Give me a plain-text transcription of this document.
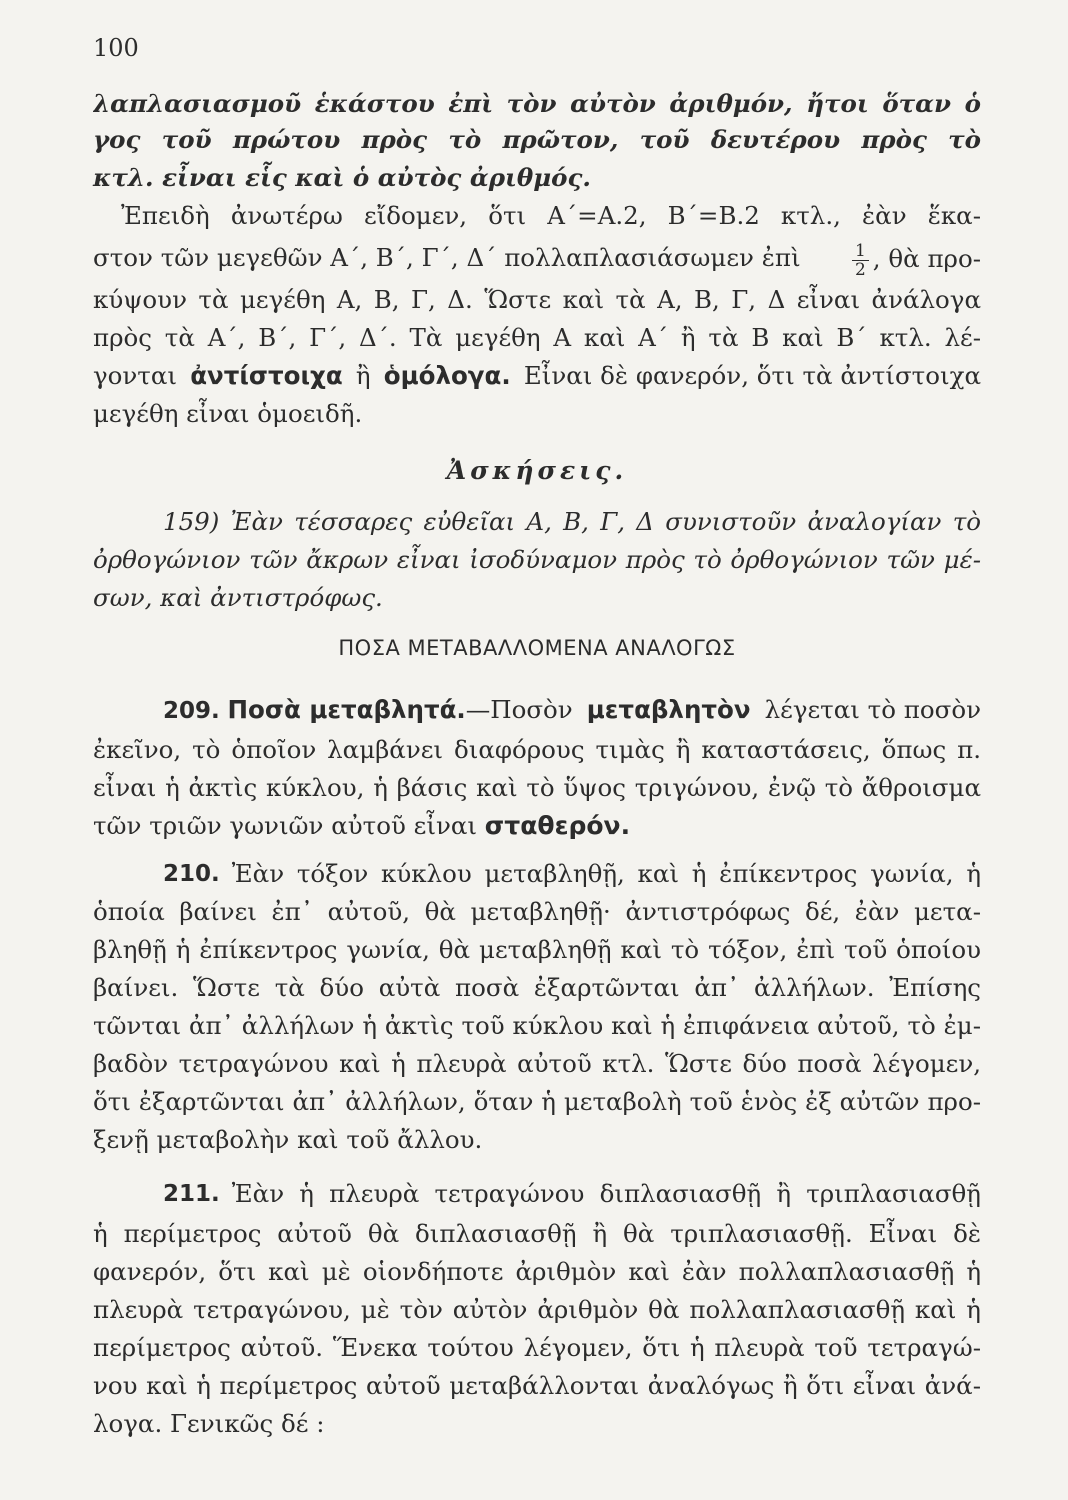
100
λαπλασιασμοῦ ἑκάστου ἐπὶ τὸν αὐτὸν ἀριθμόν, ἤτοι ὅταν ὁ
γος τοῦ πρώτου πρὸς τὸ πρῶτον, τοῦ δευτέρου πρὸς τὸ
κτλ. εἶναι εἷς καὶ ὁ αὐτὸς ἀριθμός.
Ἐπειδὴ ἀνωτέρω εἴδομεν, ὅτι Α΄=Α.2, Β΄=Β.2 κτλ., ἐὰν ἕκα-
στον τῶν μεγεθῶν Α΄, Β΄, Γ΄, Δ΄ πολλαπλασιάσωμεν ἐπὶ	$\frac{1}{2}$ , θὰ προ-
κύψουν τὰ μεγέθη Α, Β, Γ, Δ. Ὥστε καὶ τὰ Α, Β, Γ, Δ εἶναι ἀνάλογα
πρὸς τὰ Α΄, Β΄, Γ΄, Δ΄. Τὰ μεγέθη Α καὶ Α΄ ἢ τὰ Β καὶ Β΄ κτλ. λέ-
γονται ἀντίστοιχα ἢ ὁμόλογα. Εἶναι δὲ φανερόν, ὅτι τὰ ἀντίστοιχα
μεγέθη εἶναι ὁμοειδῆ.
Ἀσκήσεις.
159) Ἐὰν τέσσαρες εὐθεῖαι Α, Β, Γ, Δ συνιστοῦν ἀναλογίαν τὸ
ὀρθογώνιον τῶν ἄκρων εἶναι ἰσοδύναμον πρὸς τὸ ὀρθογώνιον τῶν μέ-
σων, καὶ ἀντιστρόφως.
ΠΟΣΑ ΜΕΤΑΒΑΛΛΟΜΕΝΑ ΑΝΑΛΟΓΩΣ
209. Ποσὰ μεταβλητά.—Ποσὸν μεταβλητὸν λέγεται τὸ ποσὸν
ἐκεῖνο, τὸ ὁποῖον λαμβάνει διαφόρους τιμὰς ἢ καταστάσεις, ὅπως π.
εἶναι ἡ ἀκτὶς κύκλου, ἡ βάσις καὶ τὸ ὕψος τριγώνου, ἐνῷ τὸ ἄθροισμα
τῶν τριῶν γωνιῶν αὐτοῦ εἶναι σταθερόν.
210. Ἐὰν τόξον κύκλου μεταβληθῇ, καὶ ἡ ἐπίκεντρος γωνία, ἡ
ὁποία βαίνει ἐπ᾿ αὐτοῦ, θὰ μεταβληθῇ· ἀντιστρόφως δέ, ἐὰν μετα-
βληθῇ ἡ ἐπίκεντρος γωνία, θὰ μεταβληθῇ καὶ τὸ τόξον, ἐπὶ τοῦ ὁποίου
βαίνει. Ὥστε τὰ δύο αὐτὰ ποσὰ ἐξαρτῶνται ἀπ᾿ ἀλλήλων. Ἐπίσης
τῶνται ἀπ᾿ ἀλλήλων ἡ ἀκτὶς τοῦ κύκλου καὶ ἡ ἐπιφάνεια αὐτοῦ, τὸ ἐμ-
βαδὸν τετραγώνου καὶ ἡ πλευρὰ αὐτοῦ κτλ. Ὥστε δύο ποσὰ λέγομεν,
ὅτι ἐξαρτῶνται ἀπ᾿ ἀλλήλων, ὅταν ἡ μεταβολὴ τοῦ ἑνὸς ἐξ αὐτῶν προ-
ξενῇ μεταβολὴν καὶ τοῦ ἄλλου.
211. Ἐὰν ἡ πλευρὰ τετραγώνου διπλασιασθῇ ἢ τριπλασιασθῇ
ἡ περίμετρος αὐτοῦ θὰ διπλασιασθῇ ἢ θὰ τριπλασιασθῇ. Εἶναι δὲ
φανερόν, ὅτι καὶ μὲ οἱονδήποτε ἀριθμὸν καὶ ἐὰν πολλαπλασιασθῇ ἡ
πλευρὰ τετραγώνου, μὲ τὸν αὐτὸν ἀριθμὸν θὰ πολλαπλασιασθῇ καὶ ἡ
περίμετρος αὐτοῦ. Ἕνεκα τούτου λέγομεν, ὅτι ἡ πλευρὰ τοῦ τετραγώ-
νου καὶ ἡ περίμετρος αὐτοῦ μεταβάλλονται ἀναλόγως ἢ ὅτι εἶναι ἀνά-
λογα. Γενικῶς δέ :
